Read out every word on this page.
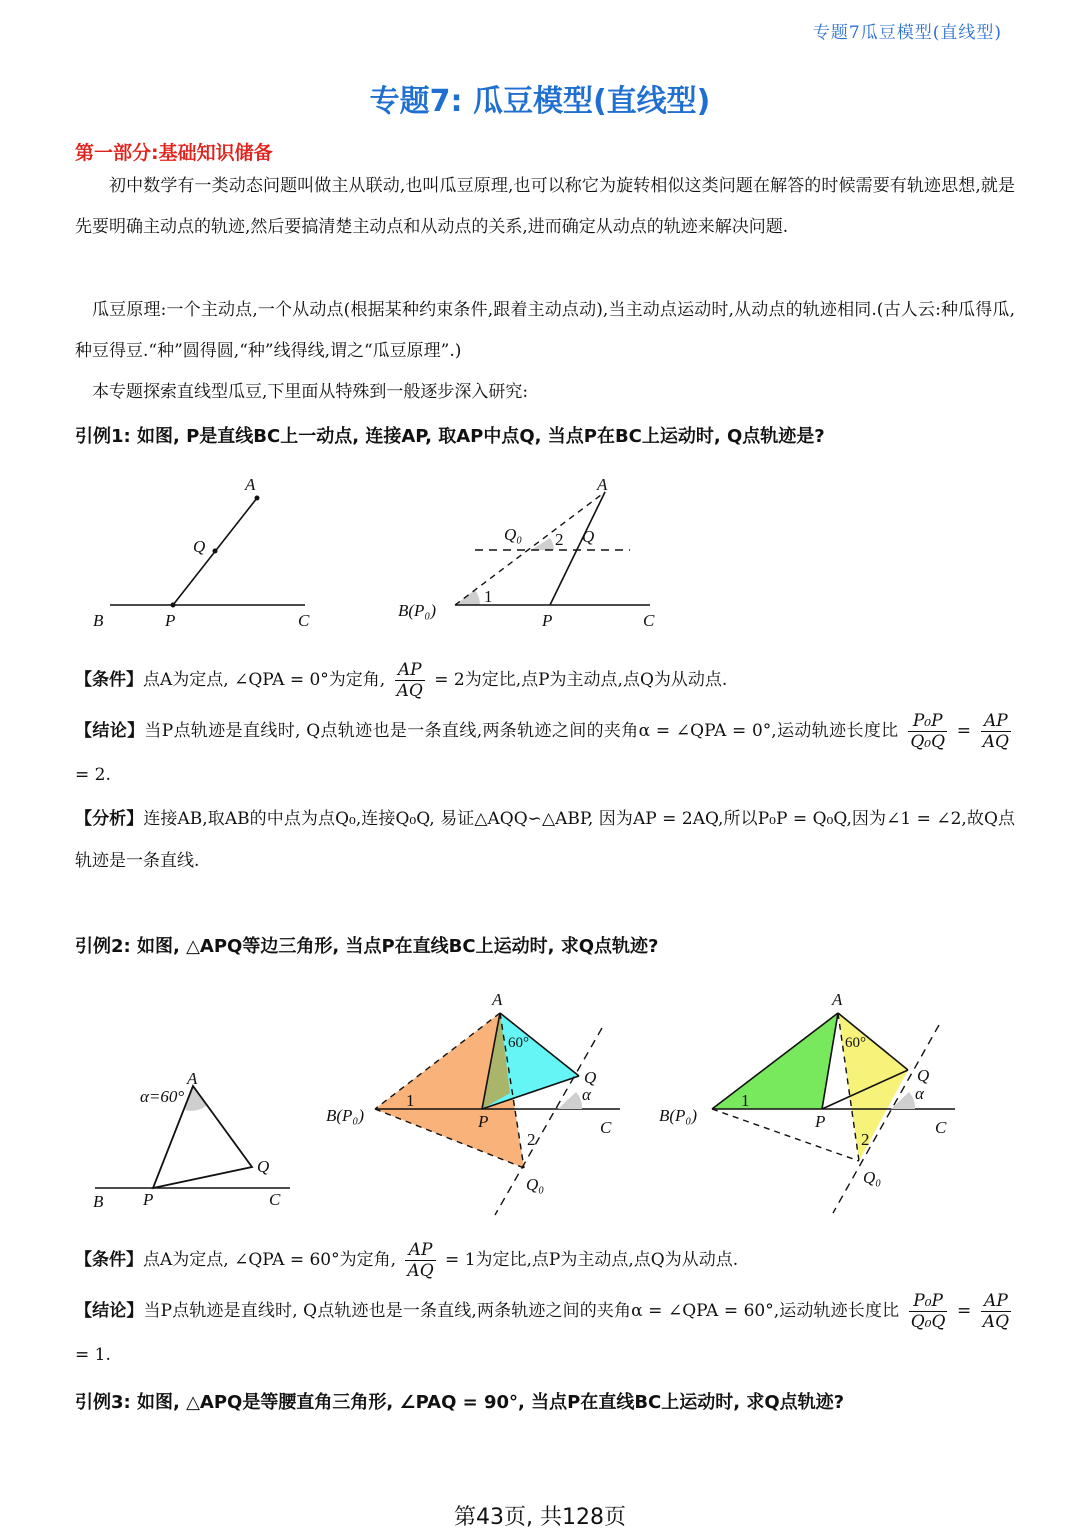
专题7瓜豆模型(直线型)
专题7: 瓜豆模型(直线型)
第一部分:基础知识储备
初中数学有一类动态问题叫做主从联动,也叫瓜豆原理,也可以称它为旋转相似这类问题在解答的时候需要有轨迹思想,就是先要明确主动点的轨迹,然后要搞清楚主动点和从动点的关系,进而确定从动点的轨迹来解决问题.
瓜豆原理:一个主动点,一个从动点(根据某种约束条件,跟着主动点动),当主动点运动时,从动点的轨迹相同.(古人云:种瓜得瓜,种豆得豆.“种”圆得圆,“种”线得线,谓之“瓜豆原理”.)
本专题探索直线型瓜豆,下里面从特殊到一般逐步深入研究:
引例1: 如图, P是直线BC上一动点, 连接AP, 取AP中点Q, 当点P在BC上运动时, Q点轨迹是?
A
Q
B	P	C
A
Q₀ 2 Q
B(P₀)
1
P	C
【条件】点A为定点, ∠QPA = 0°为定角, $\frac{AP}{AQ} = 2$为定比,点P为主动点,点Q为从动点.
【结论】当P点轨迹是直线时, Q点轨迹也是一条直线,两条轨迹之间的夹角α = ∠QPA = 0°,运动轨迹长度比 $\frac{\text{P₀P}}{\text{Q₀Q}} = \frac{AP}{AQ}$
= 2.
【分析】连接AB,取AB的中点为点Q₀,连接Q₀Q, 易证△AQQ∽△ABP, 因为AP = 2AQ,所以P₀P = Q₀Q,因为∠1 = ∠2,故Q点轨迹是一条直线.
引例2: 如图, △APQ等边三角形, 当点P在直线BC上运动时, 求Q点轨迹?
α=60°
A
Q
B P	C
A
60°
Q
α
B(P₀)
1
P	C
2
Q₀
A
60°
Q
α
B(P₀)
1
P	C
2
Q₀
【条件】点A为定点, ∠QPA = 60°为定角, $\frac{AP}{AQ} = 1$为定比,点P为主动点,点Q为从动点.
【结论】当P点轨迹是直线时, Q点轨迹也是一条直线,两条轨迹之间的夹角α = ∠QPA = 60°,运动轨迹长度比 $\frac{\text{P₀P}}{\text{Q₀Q}} = \frac{AP}{AQ}$
= 1.
引例3: 如图, △APQ是等腰直角三角形, ∠PAQ = 90°, 当点P在直线BC上运动时, 求Q点轨迹?
第43页, 共128页
